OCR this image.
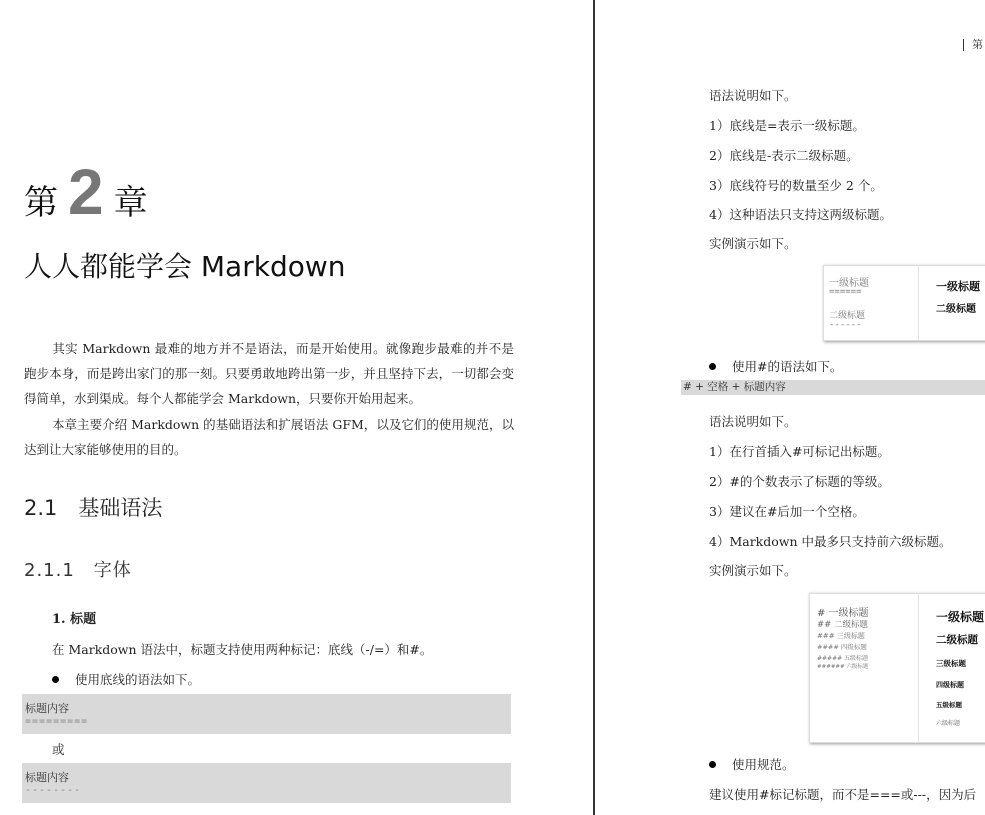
第 2 章
人人都能学会 Markdown
其实 Markdown 最难的地方并不是语法，而是开始使用。就像跑步最难的并不是跑步本身，而是跨出家门的那一刻。只要勇敢地跨出第一步，并且坚持下去，一切都会变得简单，水到渠成。每个人都能学会 Markdown，只要你开始用起来。
本章主要介绍 Markdown 的基础语法和扩展语法 GFM，以及它们的使用规范，以达到让大家能够使用的目的。
2.1　基础语法
2.1.1　字体
1. 标题
在 Markdown 语法中，标题支持使用两种标记：底线（-/=）和#。
使用底线的语法如下。
标题内容
=========
或
标题内容
--------
第
语法说明如下。
1）底线是=表示一级标题。
2）底线是-表示二级标题。
3）底线符号的数量至少 2 个。
4）这种语法只支持这两级标题。
实例演示如下。
一级标题
======
二级标题
------
一级标题
二级标题
使用#的语法如下。
# + 空格 + 标题内容
语法说明如下。
1）在行首插入#可标记出标题。
2）#的个数表示了标题的等级。
3）建议在#后加一个空格。
4）Markdown 中最多只支持前六级标题。
实例演示如下。
# 一级标题
## 二级标题
### 三级标题
#### 四级标题
##### 五级标题
###### 六级标题
一级标题
二级标题
三级标题
四级标题
五级标题
六级标题
使用规范。
建议使用#标记标题，而不是===或---，因为后
